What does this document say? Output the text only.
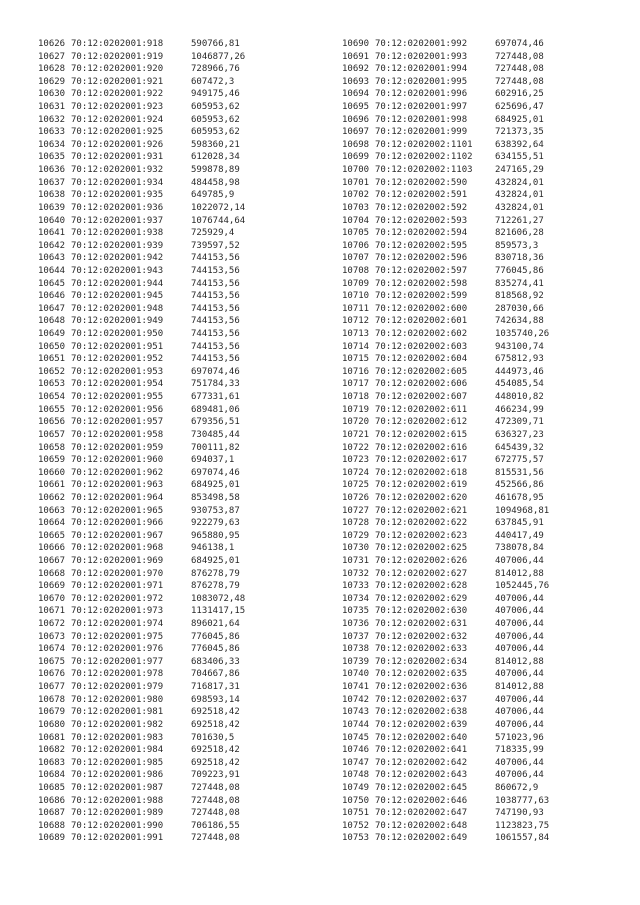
10626 70:12:0202001:918	590766,81
10627 70:12:0202001:919	1046877,26
10628 70:12:0202001:920	728966,76
10629 70:12:0202001:921	607472,3
10630 70:12:0202001:922	949175,46
10631 70:12:0202001:923	605953,62
10632 70:12:0202001:924	605953,62
10633 70:12:0202001:925	605953,62
10634 70:12:0202001:926	598360,21
10635 70:12:0202001:931	612028,34
10636 70:12:0202001:932	599878,89
10637 70:12:0202001:934	484458,98
10638 70:12:0202001:935	649785,9
10639 70:12:0202001:936	1022072,14
10640 70:12:0202001:937	1076744,64
10641 70:12:0202001:938	725929,4
10642 70:12:0202001:939	739597,52
10643 70:12:0202001:942	744153,56
10644 70:12:0202001:943	744153,56
10645 70:12:0202001:944	744153,56
10646 70:12:0202001:945	744153,56
10647 70:12:0202001:948	744153,56
10648 70:12:0202001:949	744153,56
10649 70:12:0202001:950	744153,56
10650 70:12:0202001:951	744153,56
10651 70:12:0202001:952	744153,56
10652 70:12:0202001:953	697074,46
10653 70:12:0202001:954	751784,33
10654 70:12:0202001:955	677331,61
10655 70:12:0202001:956	689481,06
10656 70:12:0202001:957	679356,51
10657 70:12:0202001:958	730485,44
10658 70:12:0202001:959	700111,82
10659 70:12:0202001:960	694037,1
10660 70:12:0202001:962	697074,46
10661 70:12:0202001:963	684925,01
10662 70:12:0202001:964	853498,58
10663 70:12:0202001:965	930753,87
10664 70:12:0202001:966	922279,63
10665 70:12:0202001:967	965880,95
10666 70:12:0202001:968	946138,1
10667 70:12:0202001:969	684925,01
10668 70:12:0202001:970	876278,79
10669 70:12:0202001:971	876278,79
10670 70:12:0202001:972	1083072,48
10671 70:12:0202001:973	1131417,15
10672 70:12:0202001:974	896021,64
10673 70:12:0202001:975	776045,86
10674 70:12:0202001:976	776045,86
10675 70:12:0202001:977	683406,33
10676 70:12:0202001:978	704667,86
10677 70:12:0202001:979	716817,31
10678 70:12:0202001:980	698593,14
10679 70:12:0202001:981	692518,42
10680 70:12:0202001:982	692518,42
10681 70:12:0202001:983	701630,5
10682 70:12:0202001:984	692518,42
10683 70:12:0202001:985	692518,42
10684 70:12:0202001:986	709223,91
10685 70:12:0202001:987	727448,08
10686 70:12:0202001:988	727448,08
10687 70:12:0202001:989	727448,08
10688 70:12:0202001:990	706186,55
10689 70:12:0202001:991	727448,08
10690 70:12:0202001:992	697074,46
10691 70:12:0202001:993	727448,08
10692 70:12:0202001:994	727448,08
10693 70:12:0202001:995	727448,08
10694 70:12:0202001:996	602916,25
10695 70:12:0202001:997	625696,47
10696 70:12:0202001:998	684925,01
10697 70:12:0202001:999	721373,35
10698 70:12:0202002:1101 638392,64
10699 70:12:0202002:1102 634155,51
10700 70:12:0202002:1103 247165,29
10701 70:12:0202002:590	432824,01
10702 70:12:0202002:591	432824,01
10703 70:12:0202002:592	432824,01
10704 70:12:0202002:593	712261,27
10705 70:12:0202002:594	821606,28
10706 70:12:0202002:595	859573,3
10707 70:12:0202002:596	830718,36
10708 70:12:0202002:597	776045,86
10709 70:12:0202002:598	835274,41
10710 70:12:0202002:599	818568,92
10711 70:12:0202002:600	287030,66
10712 70:12:0202002:601	742634,88
10713 70:12:0202002:602	1035740,26
10714 70:12:0202002:603	943100,74
10715 70:12:0202002:604	675812,93
10716 70:12:0202002:605	444973,46
10717 70:12:0202002:606	454085,54
10718 70:12:0202002:607	448010,82
10719 70:12:0202002:611	466234,99
10720 70:12:0202002:612	472309,71
10721 70:12:0202002:615	636327,23
10722 70:12:0202002:616	645439,32
10723 70:12:0202002:617	672775,57
10724 70:12:0202002:618	815531,56
10725 70:12:0202002:619	452566,86
10726 70:12:0202002:620	461678,95
10727 70:12:0202002:621	1094968,81
10728 70:12:0202002:622	637845,91
10729 70:12:0202002:623	440417,49
10730 70:12:0202002:625	738078,84
10731 70:12:0202002:626	407006,44
10732 70:12:0202002:627	814012,88
10733 70:12:0202002:628	1052445,76
10734 70:12:0202002:629	407006,44
10735 70:12:0202002:630	407006,44
10736 70:12:0202002:631	407006,44
10737 70:12:0202002:632	407006,44
10738 70:12:0202002:633	407006,44
10739 70:12:0202002:634	814012,88
10740 70:12:0202002:635	407006,44
10741 70:12:0202002:636	814012,88
10742 70:12:0202002:637	407006,44
10743 70:12:0202002:638	407006,44
10744 70:12:0202002:639	407006,44
10745 70:12:0202002:640	571023,96
10746 70:12:0202002:641	718335,99
10747 70:12:0202002:642	407006,44
10748 70:12:0202002:643	407006,44
10749 70:12:0202002:645	860672,9
10750 70:12:0202002:646	1038777,63
10751 70:12:0202002:647	747190,93
10752 70:12:0202002:648	1123823,75
10753 70:12:0202002:649	1061557,84
